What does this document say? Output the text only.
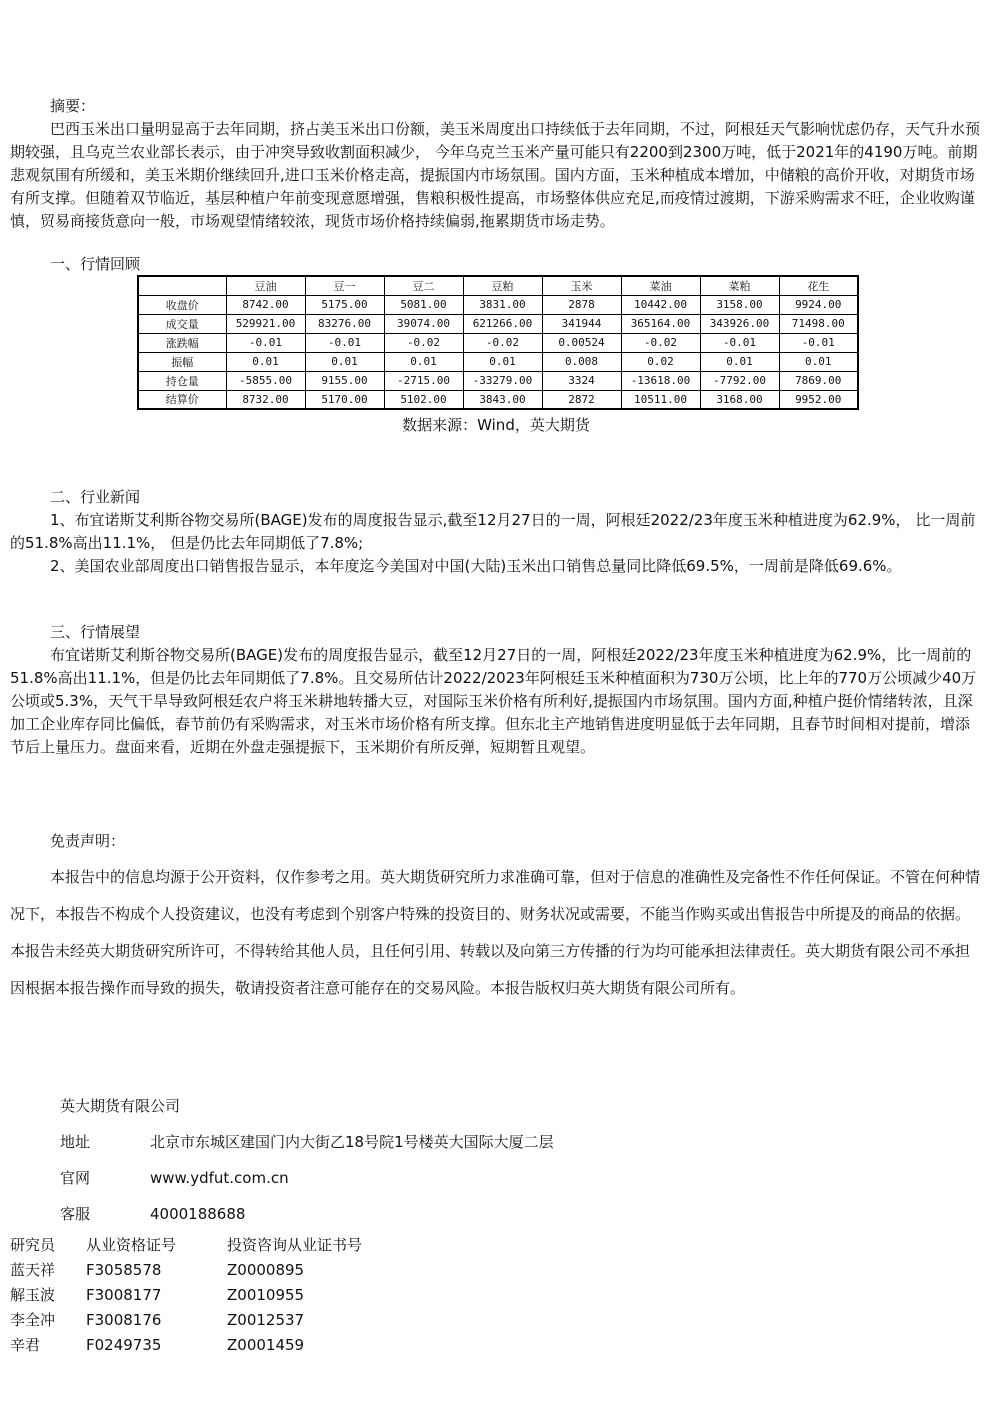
摘要：
巴西玉米出口量明显高于去年同期，挤占美玉米出口份额，美玉米周度出口持续低于去年同期，不过，阿根廷天气影响忧虑仍存，天气升水预期较强，且乌克兰农业部长表示，由于冲突导致收割面积减少， 今年乌克兰玉米产量可能只有2200到2300万吨，低于2021年的4190万吨。前期悲观氛围有所缓和，美玉米期价继续回升,进口玉米价格走高，提振国内市场氛围。国内方面，玉米种植成本增加，中储粮的高价开收，对期货市场有所支撑。但随着双节临近，基层种植户年前变现意愿增强，售粮积极性提高，市场整体供应充足,而疫情过渡期，下游采购需求不旺，企业收购谨慎，贸易商接货意向一般，市场观望情绪较浓，现货市场价格持续偏弱,拖累期货市场走势。
一、行情回顾
	豆油	豆一	豆二	豆粕	玉米	菜油	菜粕	花生
收盘价	8742.00	5175.00	5081.00	3831.00	2878	10442.00	3158.00	9924.00
成交量	529921.00	83276.00	39074.00	621266.00	341944	365164.00	343926.00	71498.00
涨跌幅	-0.01	-0.01	-0.02	-0.02	0.00524	-0.02	-0.01	-0.01
振幅	0.01	0.01	0.01	0.01	0.008	0.02	0.01	0.01
持仓量	-5855.00	9155.00	-2715.00	-33279.00	3324	-13618.00	-7792.00	7869.00
结算价	8732.00	5170.00	5102.00	3843.00	2872	10511.00	3168.00	9952.00
数据来源：Wind，英大期货
二、行业新闻
1、布宜诺斯艾利斯谷物交易所(BAGE)发布的周度报告显示,截至12月27日的一周，阿根廷2022/23年度玉米种植进度为62.9%， 比一周前的51.8%高出11.1%， 但是仍比去年同期低了7.8%;
2、美国农业部周度出口销售报告显示，本年度迄今美国对中国(大陆)玉米出口销售总量同比降低69.5%，一周前是降低69.6%。
三、行情展望
布宜诺斯艾利斯谷物交易所(BAGE)发布的周度报告显示，截至12月27日的一周，阿根廷2022/23年度玉米种植进度为62.9%，比一周前的51.8%高出11.1%，但是仍比去年同期低了7.8%。且交易所估计2022/2023年阿根廷玉米种植面积为730万公顷，比上年的770万公顷减少40万公顷或5.3%，天气干旱导致阿根廷农户将玉米耕地转播大豆，对国际玉米价格有所利好,提振国内市场氛围。国内方面,种植户挺价情绪转浓，且深加工企业库存同比偏低，春节前仍有采购需求，对玉米市场价格有所支撑。但东北主产地销售进度明显低于去年同期，且春节时间相对提前，增添节后上量压力。盘面来看，近期在外盘走强提振下，玉米期价有所反弹，短期暂且观望。
免责声明：
本报告中的信息均源于公开资料，仅作参考之用。英大期货研究所力求准确可靠，但对于信息的准确性及完备性不作任何保证。不管在何种情况下，本报告不构成个人投资建议，也没有考虑到个别客户特殊的投资目的、财务状况或需要，不能当作购买或出售报告中所提及的商品的依据。本报告未经英大期货研究所许可，不得转给其他人员，且任何引用、转载以及向第三方传播的行为均可能承担法律责任。英大期货有限公司不承担因根据本报告操作而导致的损失，敬请投资者注意可能存在的交易风险。本报告版权归英大期货有限公司所有。
英大期货有限公司
地址	北京市东城区建国门内大街乙18号院1号楼英大国际大厦二层
官网	www.ydfut.com.cn
客服	4000188688
研究员	从业资格证号	投资咨询从业证书号
蓝天祥	F3058578	Z0000895
解玉波	F3008177	Z0010955
李全冲	F3008176	Z0012537
辛君	F0249735	Z0001459
